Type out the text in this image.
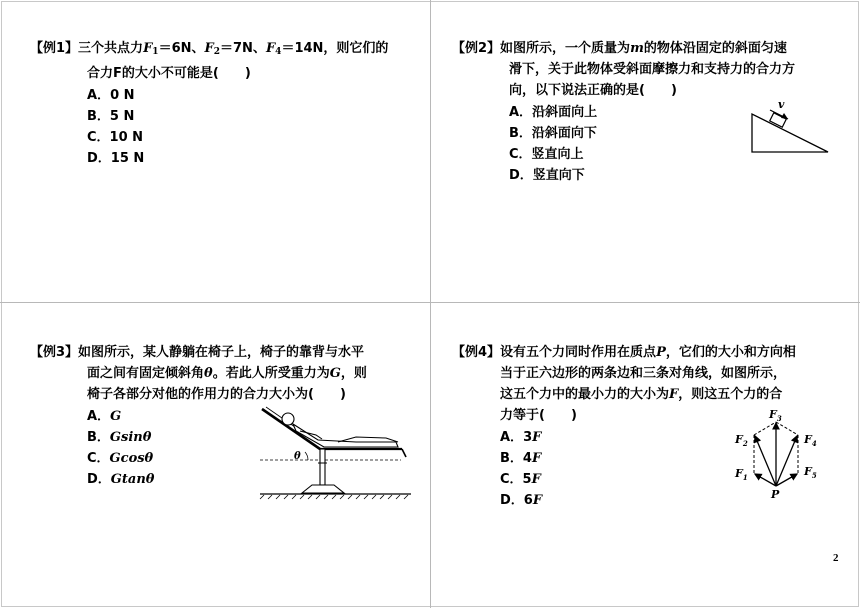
【例1】三个共点力$F_1=6N$、$F_2=7N$、$F_4=14N$，则它们的
合力F的大小不可能是(　　)
A．0 N
B．5 N
C．10 N
D．15 N
【例2】如图所示，一个质量为m的物体沿固定的斜面匀速
滑下，关于此物体受斜面摩擦力和支持力的合力方
向，以下说法正确的是(　　)
A．沿斜面向上
B．沿斜面向下
C．竖直向上
D．竖直向下
v
【例3】如图所示，某人静躺在椅子上，椅子的靠背与水平
面之间有固定倾斜角θ。若此人所受重力为G，则
椅子各部分对他的作用力的合力大小为(　　)
A．G
B．Gsinθ
C．Gcosθ
D．Gtanθ
θ
【例4】设有五个力同时作用在质点P，它们的大小和方向相
当于正六边形的两条边和三条对角线，如图所示，
这五个力中的最小力的大小为F，则这五个力的合
力等于(　　)
A．3F
B．4F
C．5F
D．6F
$F_3$
$F_2$	$F_4$
$F_1$	$F_5$
P
2
